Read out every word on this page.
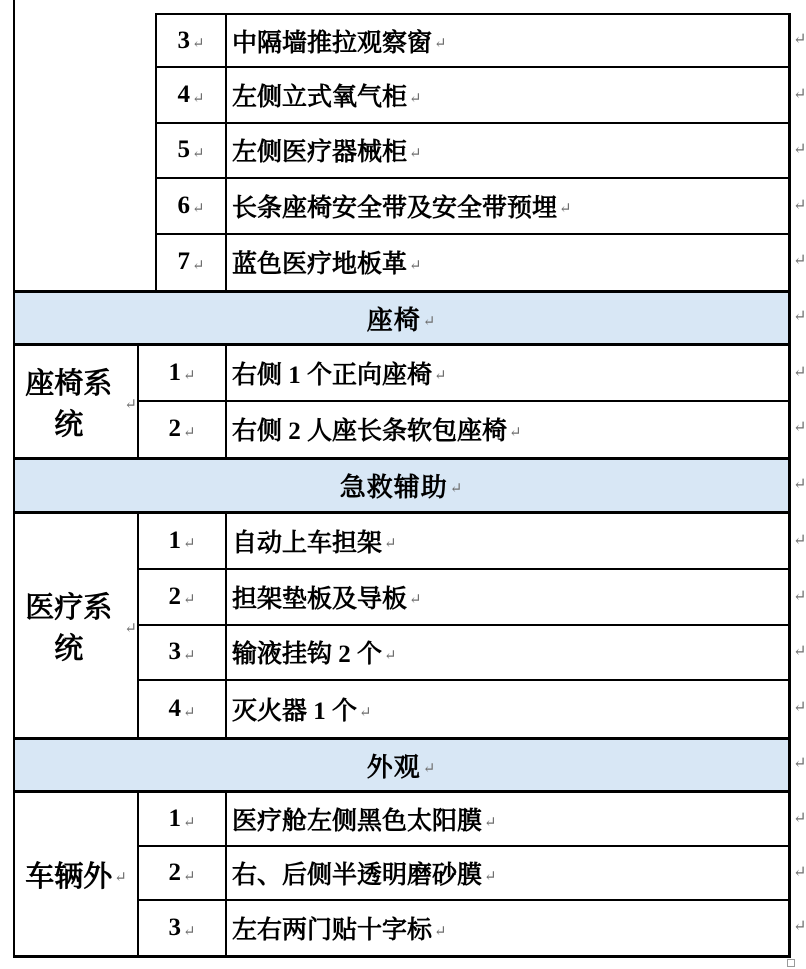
3 ↵ 中隔墙推拉观察窗 ↵
4 ↵ 左侧立式氧气柜 ↵
5 ↵ 左侧医疗器械柜 ↵
6 ↵ 长条座椅安全带及安全带预埋 ↵
7 ↵ 蓝色医疗地板革 ↵
座椅 ↵
座椅系统
↵
1 ↵ 右侧 1 个正向座椅 ↵
2 ↵ 右侧 2 人座长条软包座椅 ↵
急救辅助 ↵
医疗系统
↵
1 ↵ 自动上车担架 ↵
2 ↵ 担架垫板及导板 ↵
3 ↵ 输液挂钩 2 个 ↵
4 ↵ 灭火器 1 个 ↵
外观 ↵
车辆外 ↵
1 ↵ 医疗舱左侧黑色太阳膜 ↵
2 ↵ 右、后侧半透明磨砂膜 ↵
3 ↵ 左右两门贴十字标 ↵
↵
↵
↵
↵
↵
↵
↵
↵
↵
↵
↵
↵
↵
↵
↵
↵
↵
